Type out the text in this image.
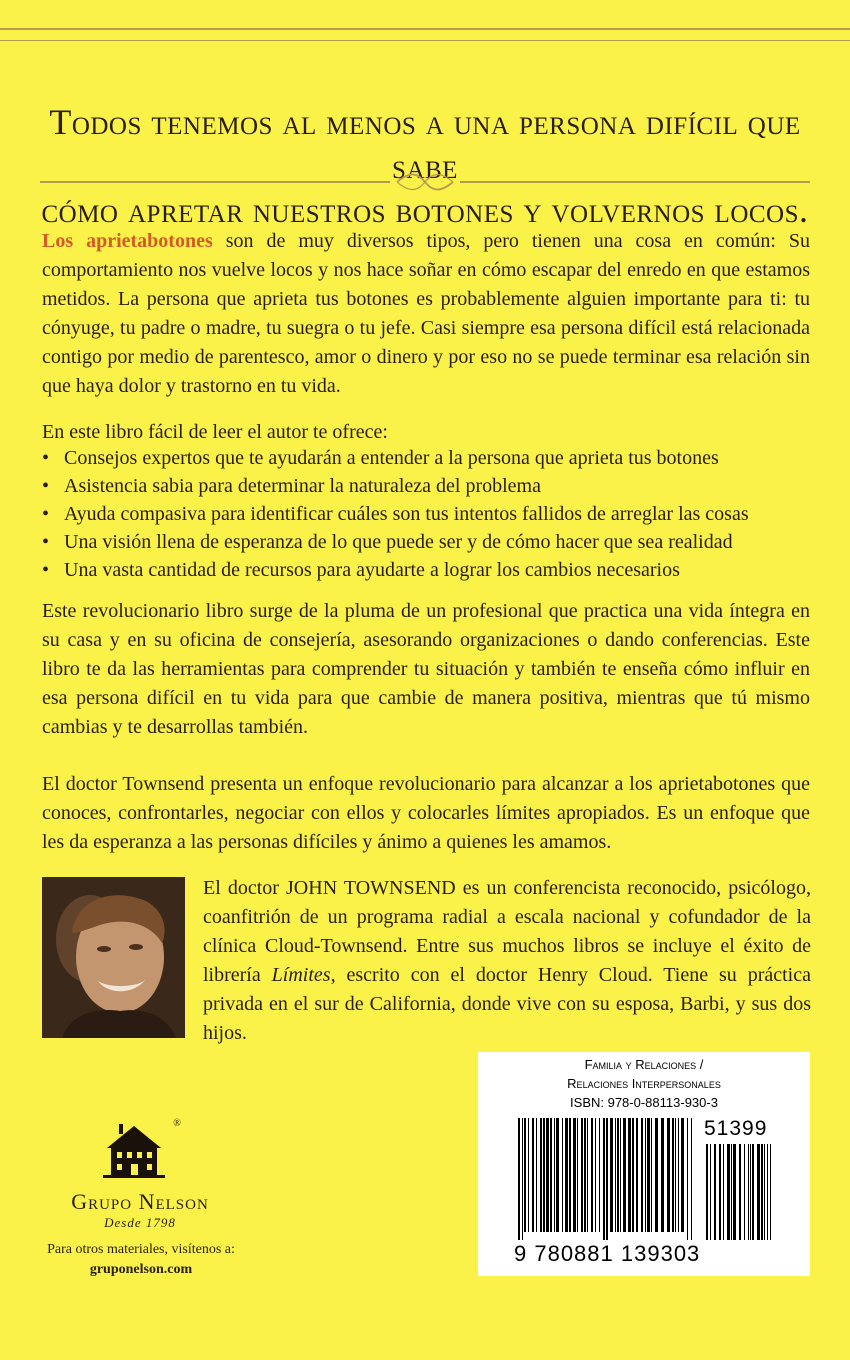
Todos tenemos al menos a una persona difícil que sabe
cómo apretar nuestros botones y volvernos locos.
Los aprietabotones son de muy diversos tipos, pero tienen una cosa en común: Su comportamiento nos vuelve locos y nos hace soñar en cómo escapar del enredo en que estamos metidos. La persona que aprieta tus botones es probablemente alguien importante para ti: tu cónyuge, tu padre o madre, tu suegra o tu jefe. Casi siempre esa persona difícil está relacionada contigo por medio de parentesco, amor o dinero y por eso no se puede terminar esa relación sin que haya dolor y trastorno en tu vida.
En este libro fácil de leer el autor te ofrece:
• Consejos expertos que te ayudarán a entender a la persona que aprieta tus botones
• Asistencia sabia para determinar la naturaleza del problema
• Ayuda compasiva para identificar cuáles son tus intentos fallidos de arreglar las cosas
• Una visión llena de esperanza de lo que puede ser y de cómo hacer que sea realidad
• Una vasta cantidad de recursos para ayudarte a lograr los cambios necesarios
Este revolucionario libro surge de la pluma de un profesional que practica una vida íntegra en su casa y en su oficina de consejería, asesorando organizaciones o dando conferencias. Este libro te da las herramientas para comprender tu situación y también te enseña cómo influir en esa persona difícil en tu vida para que cambie de manera positiva, mientras que tú mismo cambias y te desarrollas también.
El doctor Townsend presenta un enfoque revolucionario para alcanzar a los aprietabotones que conoces, confrontarles, negociar con ellos y colocarles límites apropiados. Es un enfoque que les da esperanza a las personas difíciles y ánimo a quienes les amamos.
El doctor JOHN TOWNSEND es un conferencista reconocido, psicólogo, coanfitrión de un programa radial a escala nacional y cofundador de la clínica Cloud-Townsend. Entre sus muchos libros se incluye el éxito de librería Límites, escrito con el doctor Henry Cloud. Tiene su práctica privada en el sur de California, donde vive con su esposa, Barbi, y sus dos hijos.
®
Grupo Nelson
Desde 1798
Para otros materiales, visítenos a:
gruponelson.com
Familia y Relaciones /
Relaciones Interpersonales
ISBN: 978-0-88113-930-3
51399
9 780881 139303
